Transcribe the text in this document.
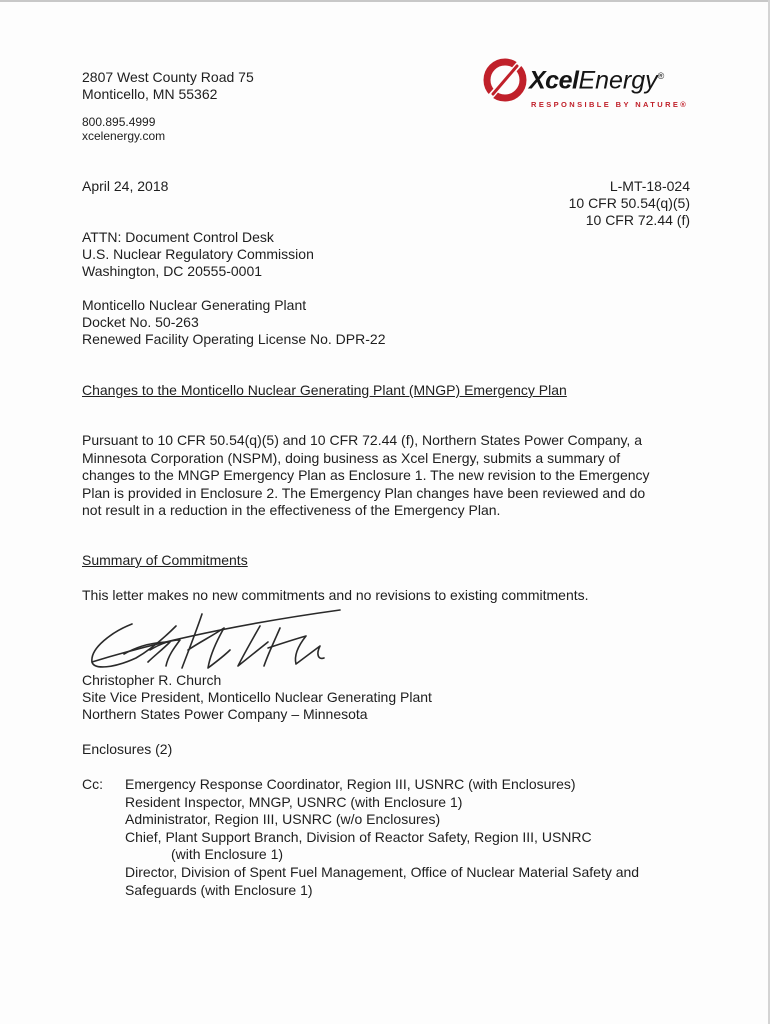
2807 West County Road 75
Monticello, MN 55362
800.895.4999
xcelenergy.com
XcelEnergy®
RESPONSIBLE BY NATURE®
April 24, 2018	L-MT-18-024
10 CFR 50.54(q)(5)
10 CFR 72.44 (f)
ATTN: Document Control Desk
U.S. Nuclear Regulatory Commission
Washington, DC 20555-0001
Monticello Nuclear Generating Plant
Docket No. 50-263
Renewed Facility Operating License No. DPR-22
Changes to the Monticello Nuclear Generating Plant (MNGP) Emergency Plan
Pursuant to 10 CFR 50.54(q)(5) and 10 CFR 72.44 (f), Northern States Power Company, a
Minnesota Corporation (NSPM), doing business as Xcel Energy, submits a summary of
changes to the MNGP Emergency Plan as Enclosure 1. The new revision to the Emergency
Plan is provided in Enclosure 2. The Emergency Plan changes have been reviewed and do
not result in a reduction in the effectiveness of the Emergency Plan.
Summary of Commitments
This letter makes no new commitments and no revisions to existing commitments.
Christopher R. Church
Site Vice President, Monticello Nuclear Generating Plant
Northern States Power Company – Minnesota
Enclosures (2)
Cc: Emergency Response Coordinator, Region III, USNRC (with Enclosures)
Resident Inspector, MNGP, USNRC (with Enclosure 1)
Administrator, Region III, USNRC (w/o Enclosures)
Chief, Plant Support Branch, Division of Reactor Safety, Region III, USNRC
(with Enclosure 1)
Director, Division of Spent Fuel Management, Office of Nuclear Material Safety and
Safeguards (with Enclosure 1)
